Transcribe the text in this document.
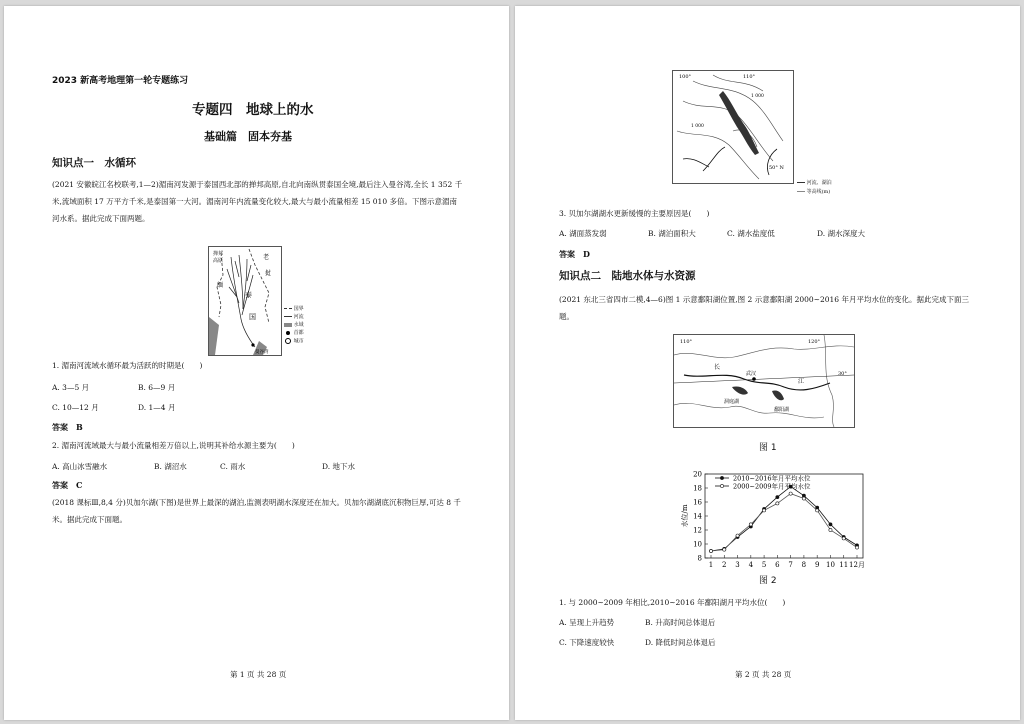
2023 新高考地理第一轮专题练习
专题四　地球上的水
基础篇　固本夯基
知识点一　水循环
(2021 安徽皖江名校联考,1—2)湄南河发源于泰国西北部的掸邦高原,自北向南纵贯泰国全境,最后注入曼谷湾,全长 1 352 千米,流域面积 17 万平方千米,是泰国第一大河。湄南河年内流量变化较大,最大与最小流量相差 15 010 多倍。下图示意湄南河水系。据此完成下面两题。
掸邦
高原
缅
老
挝
泰
国
曼谷湾
国界
河流
水域
首都
城市
1. 湄南河流域水循环最为活跃的时期是(　　)
A. 3—5 月	B. 6—9 月
C. 10—12 月	D. 1—4 月
答案　B
2. 湄南河流域最大与最小流量相差万倍以上,说明其补给水源主要为(　　)
A. 高山冰雪融水	B. 湖沼水	C. 雨水	D. 地下水
答案　C
(2018 课标Ⅲ,8,4 分)贝加尔湖(下图)是世界上最深的湖泊,监测表明湖水深度还在加大。贝加尔湖湖底沉积物巨厚,可达 8 千米。据此完成下面题。
第 1 页 共 28 页
100°	110°
50° N
1 000
1 000
河流、湖泊
等高线(m)
3. 贝加尔湖湖水更新缓慢的主要原因是(　　)
A. 湖面蒸发弱	B. 湖泊面积大	C. 湖水盐度低	D. 湖水深度大
答案　D
知识点二　陆地水体与水资源
(2021 东北三省四市二模,4—6)图 1 示意鄱阳湖位置,图 2 示意鄱阳湖 2000~2016 年月平均水位的变化。据此完成下面三题。
110°	120°
30°
武汉
洞庭湖
鄱阳湖
长
江
图 1
8
10
12
14
16
18
20
1 2 3 4 5 6 7 8 9 10 11 12月
水位/m
2010~2016年月平均水位
2000~2009年月平均水位
图 2
1. 与 2000~2009 年相比,2010~2016 年鄱阳湖月平均水位(　　)
A. 呈现上升趋势	B. 升高时间总体退后
C. 下降速度较快	D. 降低时间总体退后
第 2 页 共 28 页
